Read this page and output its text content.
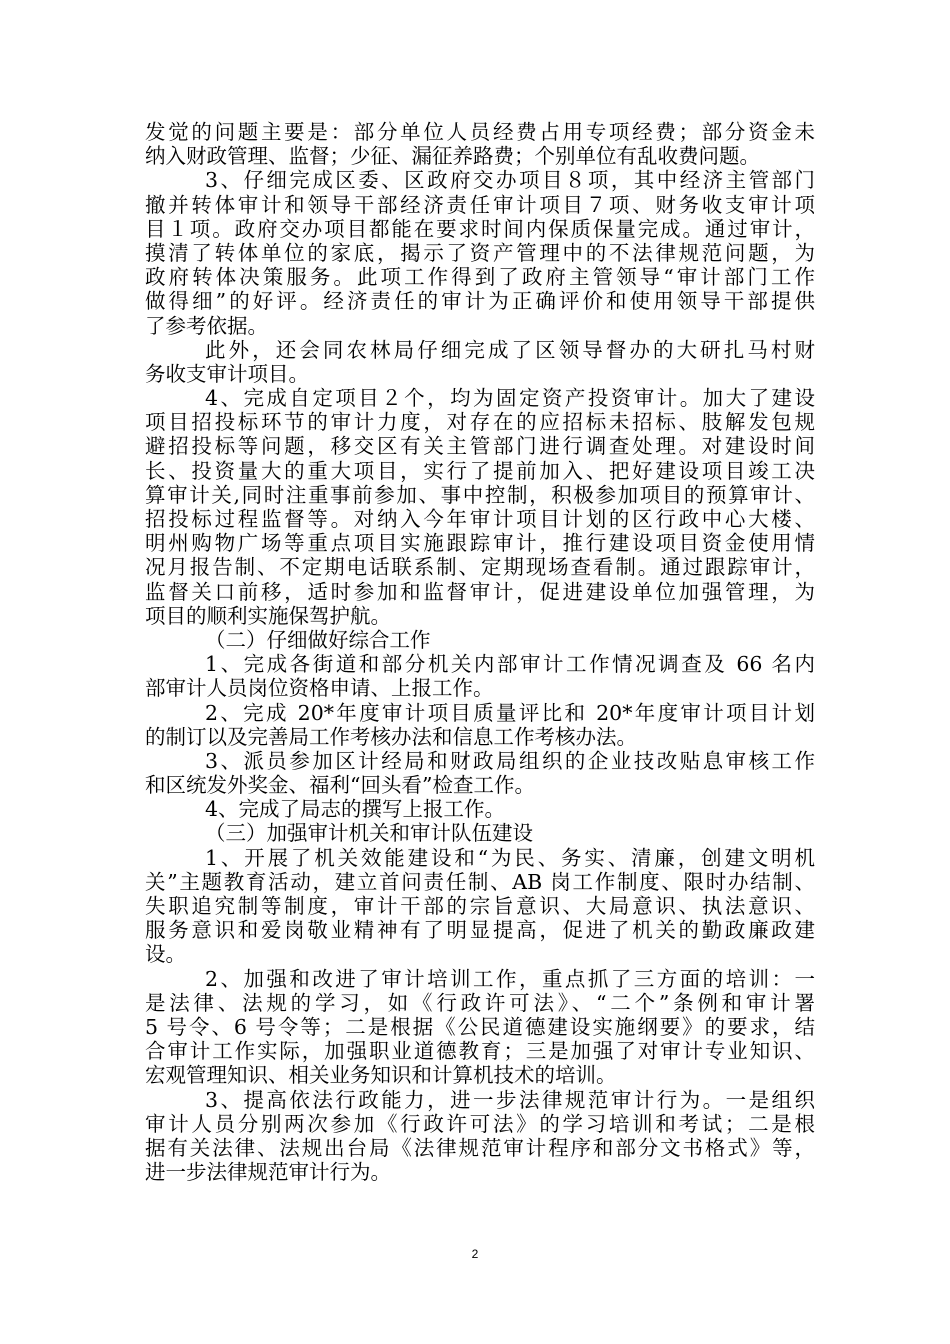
发觉的问题主要是：部分单位人员经费占用专项经费；部分资金未
纳入财政管理、监督；少征、漏征养路费；个别单位有乱收费问题。
3、仔细完成区委、区政府交办项目８项，其中经济主管部门
撤并转体审计和领导干部经济责任审计项目７项、财务收支审计项
目１项。政府交办项目都能在要求时间内保质保量完成。通过审计，
摸清了转体单位的家底，揭示了资产管理中的不法律规范问题，为
政府转体决策服务。此项工作得到了政府主管领导“审计部门工作
做得细”的好评。经济责任的审计为正确评价和使用领导干部提供
了参考依据。
此外，还会同农林局仔细完成了区领导督办的大研扎马村财
务收支审计项目。
4、完成自定项目２个，均为固定资产投资审计。加大了建设
项目招投标环节的审计力度，对存在的应招标未招标、肢解发包规
避招投标等问题，移交区有关主管部门进行调查处理。对建设时间
长、投资量大的重大项目，实行了提前加入、把好建设项目竣工决
算审计关,同时注重事前参加、事中控制，积极参加项目的预算审计、
招投标过程监督等。对纳入今年审计项目计划的区行政中心大楼、
明州购物广场等重点项目实施跟踪审计，推行建设项目资金使用情
况月报告制、不定期电话联系制、定期现场查看制。通过跟踪审计，
监督关口前移，适时参加和监督审计，促进建设单位加强管理，为
项目的顺利实施保驾护航。
（二）仔细做好综合工作
1、完成各街道和部分机关内部审计工作情况调查及 66 名内
部审计人员岗位资格申请、上报工作。
2、完成 20*年度审计项目质量评比和 20*年度审计项目计划
的制订以及完善局工作考核办法和信息工作考核办法。
3、派员参加区计经局和财政局组织的企业技改贴息审核工作
和区统发外奖金、福利“回头看”检查工作。
4、完成了局志的撰写上报工作。
（三）加强审计机关和审计队伍建设
1、开展了机关效能建设和“为民、务实、清廉，创建文明机
关”主题教育活动，建立首问责任制、AB 岗工作制度、限时办结制、
失职追究制等制度，审计干部的宗旨意识、大局意识、执法意识、
服务意识和爱岗敬业精神有了明显提高，促进了机关的勤政廉政建
设。
2、加强和改进了审计培训工作，重点抓了三方面的培训：一
是法律、法规的学习，如《行政许可法》、“二个”条例和审计署
5 号令、6 号令等；二是根据《公民道德建设实施纲要》的要求，结
合审计工作实际，加强职业道德教育；三是加强了对审计专业知识、
宏观管理知识、相关业务知识和计算机技术的培训。
3、提高依法行政能力，进一步法律规范审计行为。一是组织
审计人员分别两次参加《行政许可法》的学习培训和考试；二是根
据有关法律、法规出台局《法律规范审计程序和部分文书格式》等，
进一步法律规范审计行为。
2
